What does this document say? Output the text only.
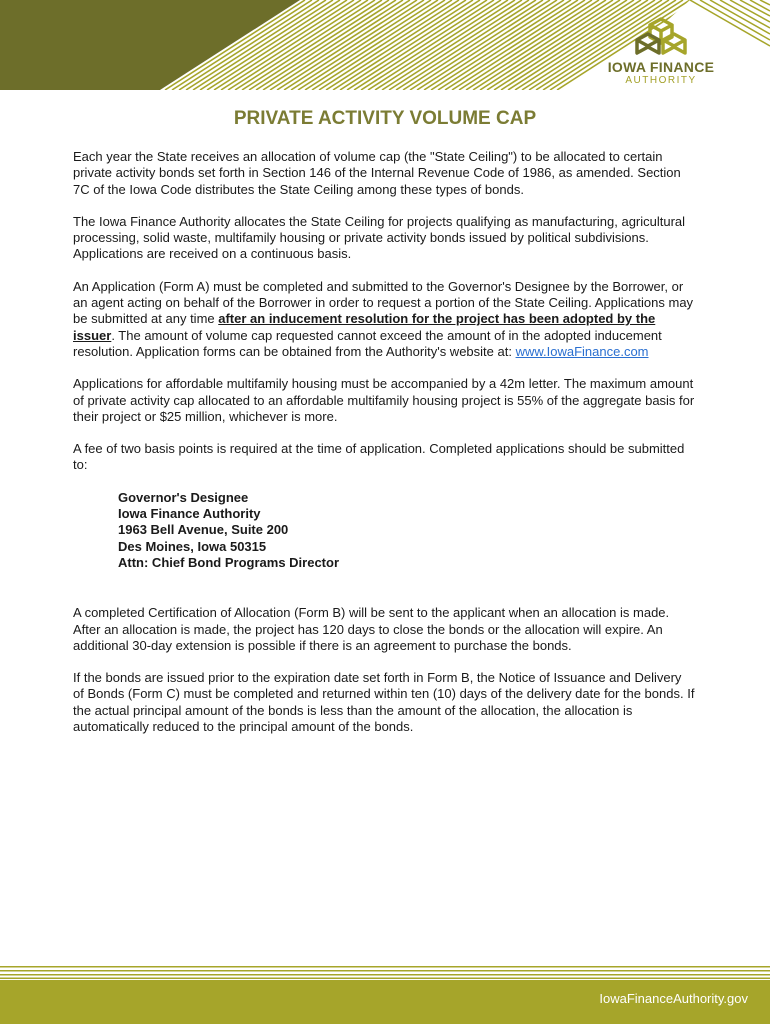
IOWA FINANCE
AUTHORITY
PRIVATE ACTIVITY VOLUME CAP

Each year the State receives an allocation of volume cap (the "State Ceiling") to be allocated to certain private activity bonds set forth in Section 146 of the Internal Revenue Code of 1986, as amended. Section 7C of the Iowa Code distributes the State Ceiling among these types of bonds.

The Iowa Finance Authority allocates the State Ceiling for projects qualifying as manufacturing, agricultural processing, solid waste, multifamily housing or private activity bonds issued by political subdivisions. Applications are received on a continuous basis.

An Application (Form A) must be completed and submitted to the Governor's Designee by the Borrower, or an agent acting on behalf of the Borrower in order to request a portion of the State Ceiling. Applications may be submitted at any time after an inducement resolution for the project has been adopted by the issuer. The amount of volume cap requested cannot exceed the amount of in the adopted inducement resolution. Application forms can be obtained from the Authority's website at: www.IowaFinance.com

Applications for affordable multifamily housing must be accompanied by a 42m letter. The maximum amount of private activity cap allocated to an affordable multifamily housing project is 55% of the aggregate basis for their project or $25 million, whichever is more.

A fee of two basis points is required at the time of application. Completed applications should be submitted to:

Governor's Designee
Iowa Finance Authority
1963 Bell Avenue, Suite 200
Des Moines, Iowa 50315
Attn: Chief Bond Programs Director

A completed Certification of Allocation (Form B) will be sent to the applicant when an allocation is made. After an allocation is made, the project has 120 days to close the bonds or the allocation will expire. An additional 30-day extension is possible if there is an agreement to purchase the bonds.

If the bonds are issued prior to the expiration date set forth in Form B, the Notice of Issuance and Delivery of Bonds (Form C) must be completed and returned within ten (10) days of the delivery date for the bonds. If the actual principal amount of the bonds is less than the amount of the allocation, the allocation is automatically reduced to the principal amount of the bonds.

IowaFinanceAuthority.gov
